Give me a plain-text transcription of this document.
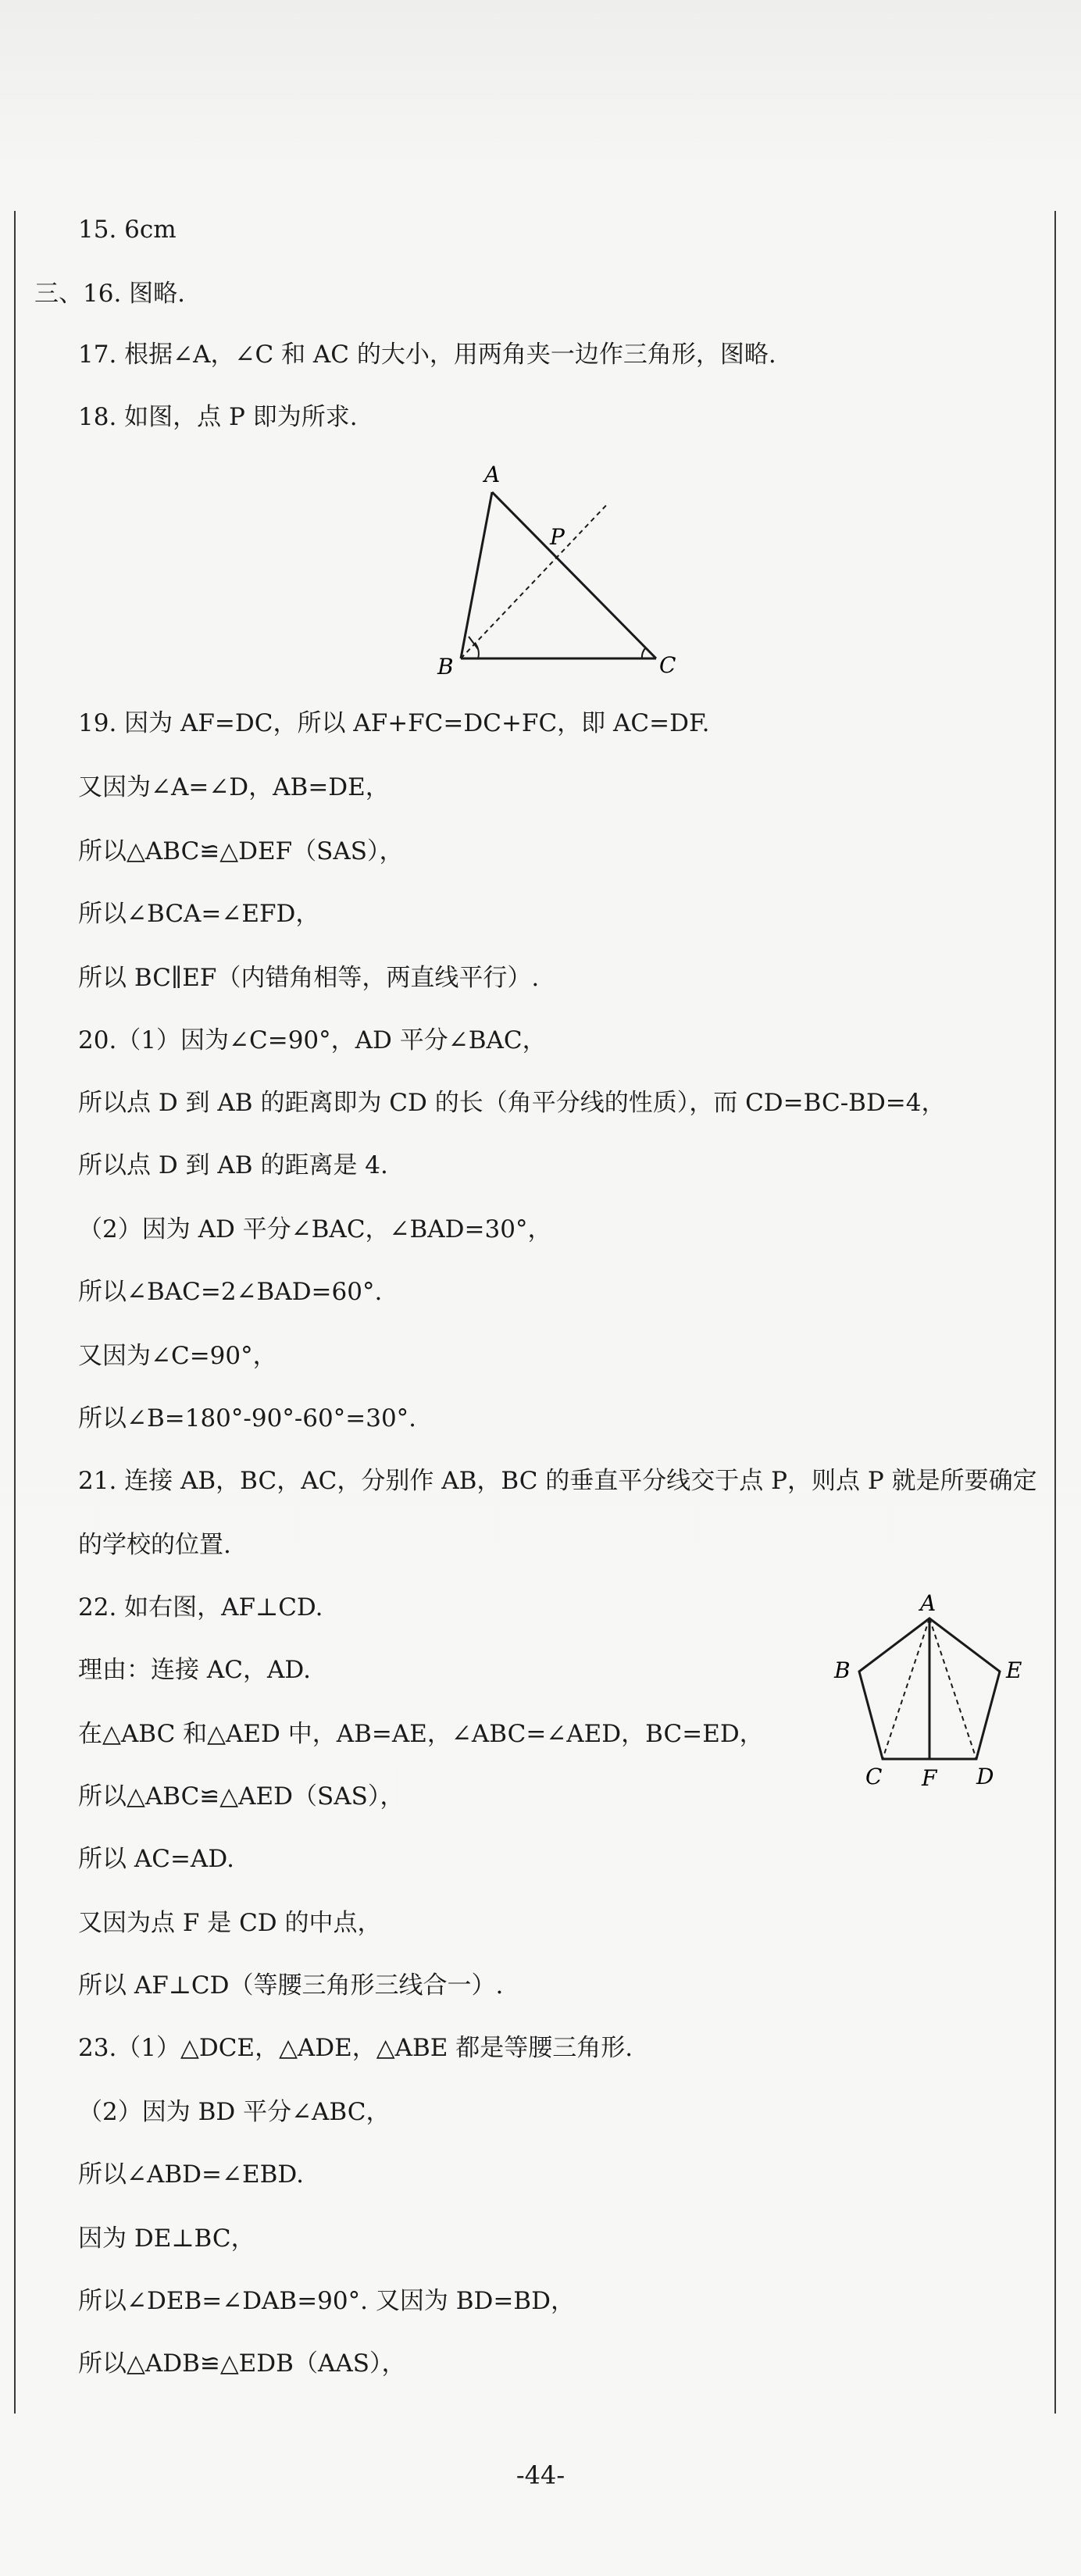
15. 6cm
三、16. 图略.
17. 根据∠A，∠C 和 AC 的大小，用两角夹一边作三角形，图略.
18. 如图，点 P 即为所求.
19. 因为 AF=DC，所以 AF+FC=DC+FC，即 AC=DF.
又因为∠A=∠D，AB=DE，
所以△ABC≌△DEF（SAS），
所以∠BCA=∠EFD，
所以 BC∥EF（内错角相等，两直线平行）.
20.（1）因为∠C=90°，AD 平分∠BAC，
所以点 D 到 AB 的距离即为 CD 的长（角平分线的性质），而 CD=BC-BD=4，
所以点 D 到 AB 的距离是 4.
（2）因为 AD 平分∠BAC，∠BAD=30°，
所以∠BAC=2∠BAD=60°.
又因为∠C=90°，
所以∠B=180°-90°-60°=30°.
21. 连接 AB，BC，AC，分别作 AB，BC 的垂直平分线交于点 P，则点 P 就是所要确定
的学校的位置.
22. 如右图，AF⊥CD.
理由：连接 AC，AD.
在△ABC 和△AED 中，AB=AE，∠ABC=∠AED，BC=ED，
所以△ABC≌△AED（SAS），
所以 AC=AD.
又因为点 F 是 CD 的中点，
所以 AF⊥CD（等腰三角形三线合一）.
23.（1）△DCE，△ADE，△ABE 都是等腰三角形.
（2）因为 BD 平分∠ABC，
所以∠ABD=∠EBD.
因为 DE⊥BC，
所以∠DEB=∠DAB=90°. 又因为 BD=BD，
所以△ADB≌△EDB（AAS），
A
B	C
P
A
B	E
C F D
-44-
